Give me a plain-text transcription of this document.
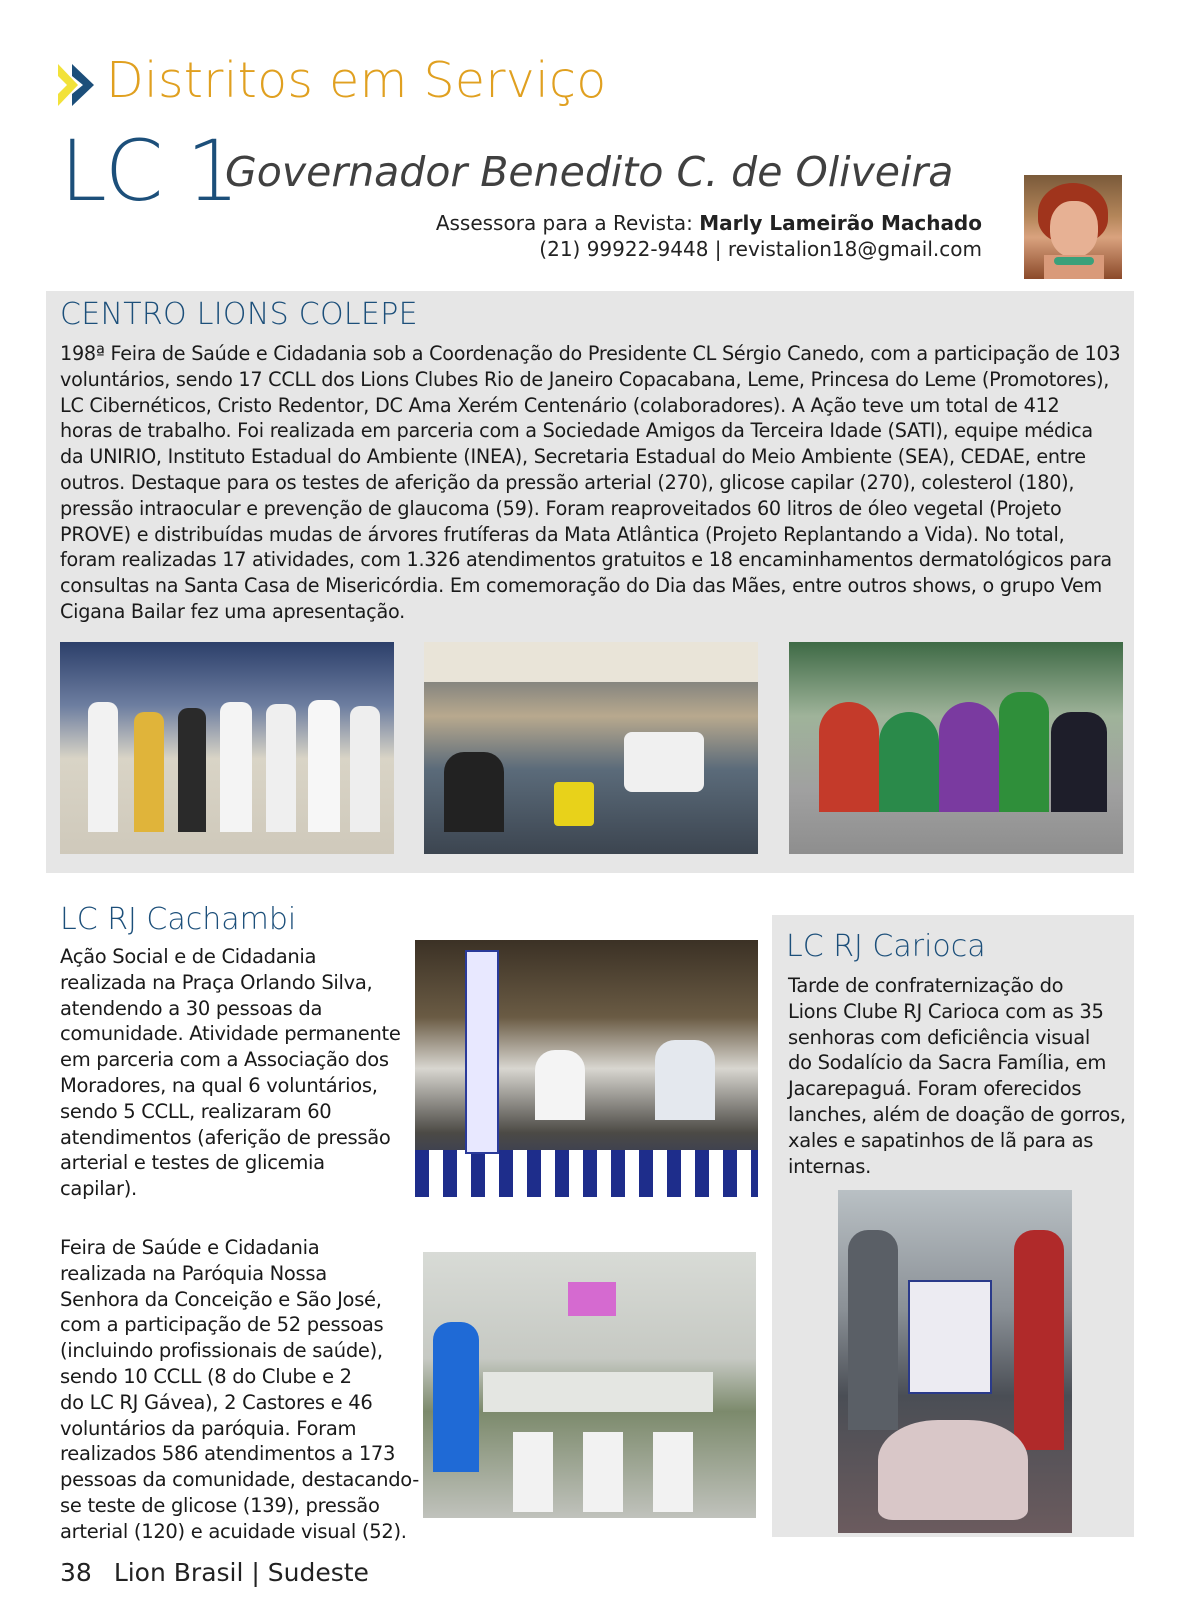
Distritos em Serviço
LC 1
Governador Benedito C. de Oliveira
Assessora para a Revista: Marly Lameirão Machado
(21) 99922-9448 | revistalion18@gmail.com
CENTRO LIONS COLEPE
198ª Feira de Saúde e Cidadania sob a Coordenação do Presidente CL Sérgio Canedo, com a participação de 103
voluntários, sendo 17 CCLL dos Lions Clubes Rio de Janeiro Copacabana, Leme, Princesa do Leme (Promotores),
LC Cibernéticos, Cristo Redentor, DC Ama Xerém Centenário (colaboradores). A Ação teve um total de 412
horas de trabalho. Foi realizada em parceria com a Sociedade Amigos da Terceira Idade (SATI), equipe médica
da UNIRIO, Instituto Estadual do Ambiente (INEA), Secretaria Estadual do Meio Ambiente (SEA), CEDAE, entre
outros. Destaque para os testes de aferição da pressão arterial (270), glicose capilar (270), colesterol (180),
pressão intraocular e prevenção de glaucoma (59). Foram reaproveitados 60 litros de óleo vegetal (Projeto
PROVE) e distribuídas mudas de árvores frutíferas da Mata Atlântica (Projeto Replantando a Vida). No total,
foram realizadas 17 atividades, com 1.326 atendimentos gratuitos e 18 encaminhamentos dermatológicos para
consultas na Santa Casa de Misericórdia. Em comemoração do Dia das Mães, entre outros shows, o grupo Vem
Cigana Bailar fez uma apresentação.
LC RJ Cachambi
Ação Social e de Cidadania
realizada na Praça Orlando Silva,
atendendo a 30 pessoas da
comunidade. Atividade permanente
em parceria com a Associação dos
Moradores, na qual 6 voluntários,
sendo 5 CCLL, realizaram 60
atendimentos (aferição de pressão
arterial e testes de glicemia
capilar).
Feira de Saúde e Cidadania
realizada na Paróquia Nossa
Senhora da Conceição e São José,
com a participação de 52 pessoas
(incluindo profissionais de saúde),
sendo 10 CCLL (8 do Clube e 2
do LC RJ Gávea), 2 Castores e 46
voluntários da paróquia. Foram
realizados 586 atendimentos a 173
pessoas da comunidade, destacando-
se teste de glicose (139), pressão
arterial (120) e acuidade visual (52).
LC RJ Carioca
Tarde de confraternização do
Lions Clube RJ Carioca com as 35
senhoras com deficiência visual
do Sodalício da Sacra Família, em
Jacarepaguá. Foram oferecidos
lanches, além de doação de gorros,
xales e sapatinhos de lã para as
internas.
38 Lion Brasil | Sudeste
